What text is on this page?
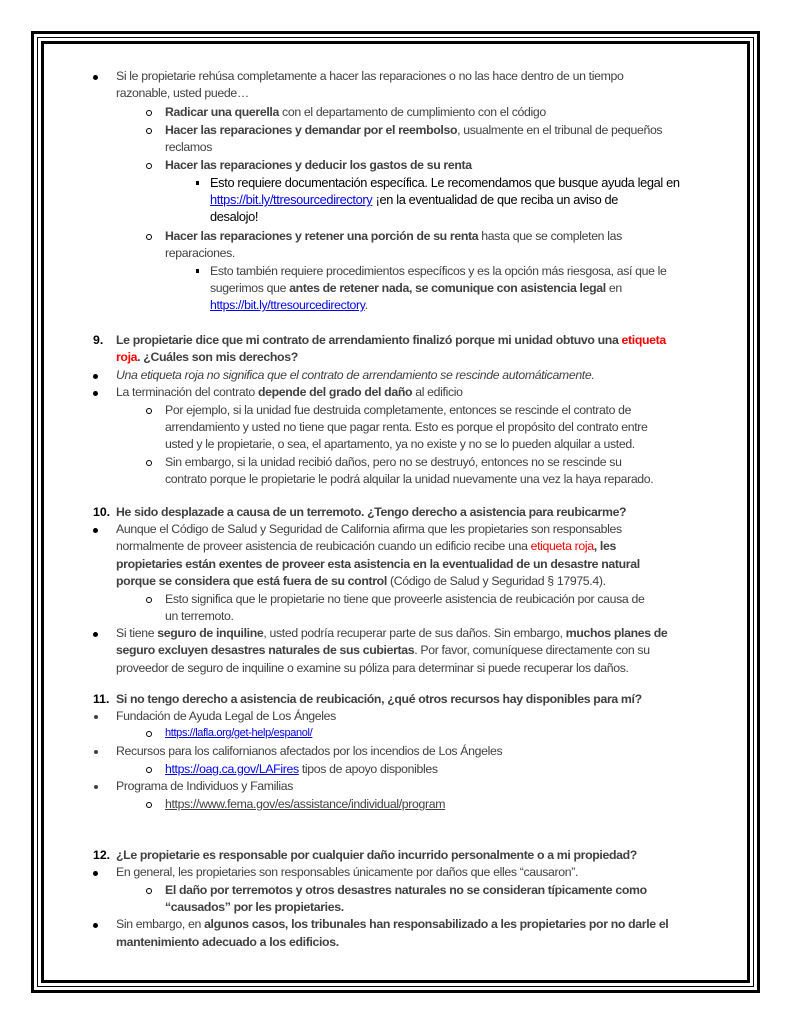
Si le propietarie rehúsa completamente a hacer las reparaciones o no las hace dentro de un tiempo
razonable, usted puede…
Radicar una querella con el departamento de cumplimiento con el código
Hacer las reparaciones y demandar por el reembolso, usualmente en el tribunal de pequeños
reclamos
Hacer las reparaciones y deducir los gastos de su renta
Esto requiere documentación específica. Le recomendamos que busque ayuda legal en
https://bit.ly/ttresourcedirectory ¡en la eventualidad de que reciba un aviso de
desalojo!
Hacer las reparaciones y retener una porción de su renta hasta que se completen las
reparaciones.
Esto también requiere procedimientos específicos y es la opción más riesgosa, así que le
sugerimos que antes de retener nada, se comunique con asistencia legal en
https://bit.ly/ttresourcedirectory.
9. Le propietarie dice que mi contrato de arrendamiento finalizó porque mi unidad obtuvo una etiqueta
roja. ¿Cuáles son mis derechos?
Una etiqueta roja no significa que el contrato de arrendamiento se rescinde automáticamente.
La terminación del contrato depende del grado del daño al edificio
Por ejemplo, si la unidad fue destruida completamente, entonces se rescinde el contrato de
arrendamiento y usted no tiene que pagar renta. Esto es porque el propósito del contrato entre
usted y le propietarie, o sea, el apartamento, ya no existe y no se lo pueden alquilar a usted.
Sin embargo, si la unidad recibió daños, pero no se destruyó, entonces no se rescinde su
contrato porque le propietarie le podrá alquilar la unidad nuevamente una vez la haya reparado.
10. He sido desplazade a causa de un terremoto. ¿Tengo derecho a asistencia para reubicarme?
Aunque el Código de Salud y Seguridad de California afirma que les propietaries son responsables
normalmente de proveer asistencia de reubicación cuando un edificio recibe una etiqueta roja, les
propietaries están exentes de proveer esta asistencia en la eventualidad de un desastre natural
porque se considera que está fuera de su control (Código de Salud y Seguridad § 17975.4).
Esto significa que le propietarie no tiene que proveerle asistencia de reubicación por causa de
un terremoto.
Si tiene seguro de inquiline, usted podría recuperar parte de sus daños. Sin embargo, muchos planes de
seguro excluyen desastres naturales de sus cubiertas. Por favor, comuníquese directamente con su
proveedor de seguro de inquiline o examine su póliza para determinar si puede recuperar los daños.
11. Si no tengo derecho a asistencia de reubicación, ¿qué otros recursos hay disponibles para mí?
Fundación de Ayuda Legal de Los Ángeles
https://lafla.org/get-help/espanol/
Recursos para los californianos afectados por los incendios de Los Ángeles
https://oag.ca.gov/LAFires tipos de apoyo disponibles
Programa de Individuos y Familias
https://www.fema.gov/es/assistance/individual/program
12. ¿Le propietarie es responsable por cualquier daño incurrido personalmente o a mi propiedad?
En general, les propietaries son responsables únicamente por daños que elles “causaron”.
El daño por terremotos y otros desastres naturales no se consideran típicamente como
“causados” por les propietaries.
Sin embargo, en algunos casos, los tribunales han responsabilizado a les propietaries por no darle el
mantenimiento adecuado a los edificios.
